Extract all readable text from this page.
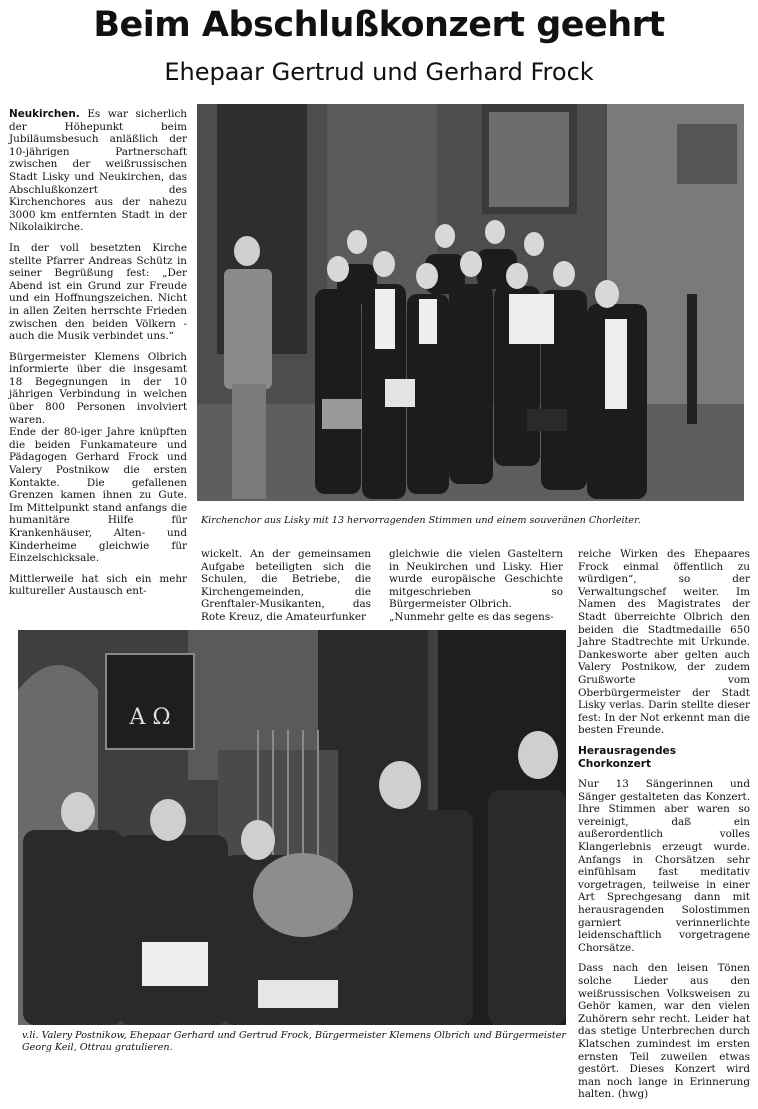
Beim Abschlußkonzert geehrt
Ehepaar Gertrud und Gerhard Frock

Neukirchen. Es war sicherlich der Höhepunkt beim Jubiläumsbesuch anläßlich der 10-jährigen Partnerschaft zwischen der weißrussischen Stadt Lisky und Neukirchen, das Abschlußkonzert des Kirchenchores aus der nahezu 3000 km entfernten Stadt in der Nikolaikirche.

In der voll besetzten Kirche stellte Pfarrer Andreas Schütz in seiner Begrüßung fest: „Der Abend ist ein Grund zur Freude und ein Hoffnungszeichen. Nicht in allen Zeiten herrschte Frieden zwischen den beiden Völkern - auch die Musik verbindet uns.“

Bürgermeister Klemens Olbrich informierte über die insgesamt 18 Begegnungen in der 10 jährigen Verbindung in welchen über 800 Personen involviert waren.

Ende der 80-iger Jahre knüpften die beiden Funkamateure und Pädagogen Gerhard Frock und Valery Postnikow die ersten Kontakte. Die gefallenen Grenzen kamen ihnen zu Gute. Im Mittelpunkt stand anfangs die humanitäre Hilfe für Krankenhäuser, Alten- und Kinderheime gleichwie für Einzelschicksale.

Mittlerweile hat sich ein mehr kultureller Austausch ent-

Kirchenchor aus Lisky mit 13 hervorragenden Stimmen und einem souveränen Chorleiter.

wickelt. An der gemeinsamen Aufgabe beteiligten sich die Schulen, die Betriebe, die Kirchengemeinden, die Grenftaler-Musikanten, das Rote Kreuz, die Amateurfunker

gleichwie die vielen Gasteltern in Neukirchen und Lisky. Hier wurde europäische Geschichte mitgeschrieben so Bürgermeister Olbrich.

„Nunmehr gelte es das segens-

reiche Wirken des Ehepaares Frock einmal öffentlich zu würdigen“, so der Verwaltungschef weiter. Im Namen des Magistrates der Stadt überreichte Olbrich den beiden die Stadtmedaille 650 Jahre Stadtrechte mit Urkunde. Dankesworte aber gelten auch Valery Postnikow, der zudem Grußworte vom Oberbürgermeister der Stadt Lisky verlas. Darin stellte dieser fest: In der Not erkennt man die besten Freunde.

Herausragendes Chorkonzert

Nur 13 Sängerinnen und Sänger gestalteten das Konzert. Ihre Stimmen aber waren so vereinigt, daß ein außerordentlich volles Klangerlebnis erzeugt wurde. Anfangs in Chorsätzen sehr einfühlsam fast meditativ vorgetragen, teilweise in einer Art Sprechgesang dann mit herausragenden Solostimmen garniert verinnerlichte leidenschaftlich vorgetragene Chorsätze.

Dass nach den leisen Tönen solche Lieder aus den weißrussischen Volksweisen zu Gehör kamen, war den vielen Zuhörern sehr recht. Leider hat das stetige Unterbrechen durch Klatschen zumindest im ersten ernsten Teil zuweilen etwas gestört. Dieses Konzert wird man noch lange in Erinnerung halten. (hwg)

A Ω
v.li. Valery Postnikow, Ehepaar Gerhard und Gertrud Frock, Bürgermeister Klemens Olbrich und Bürgermeister Georg Keil, Ottrau gratulieren.
